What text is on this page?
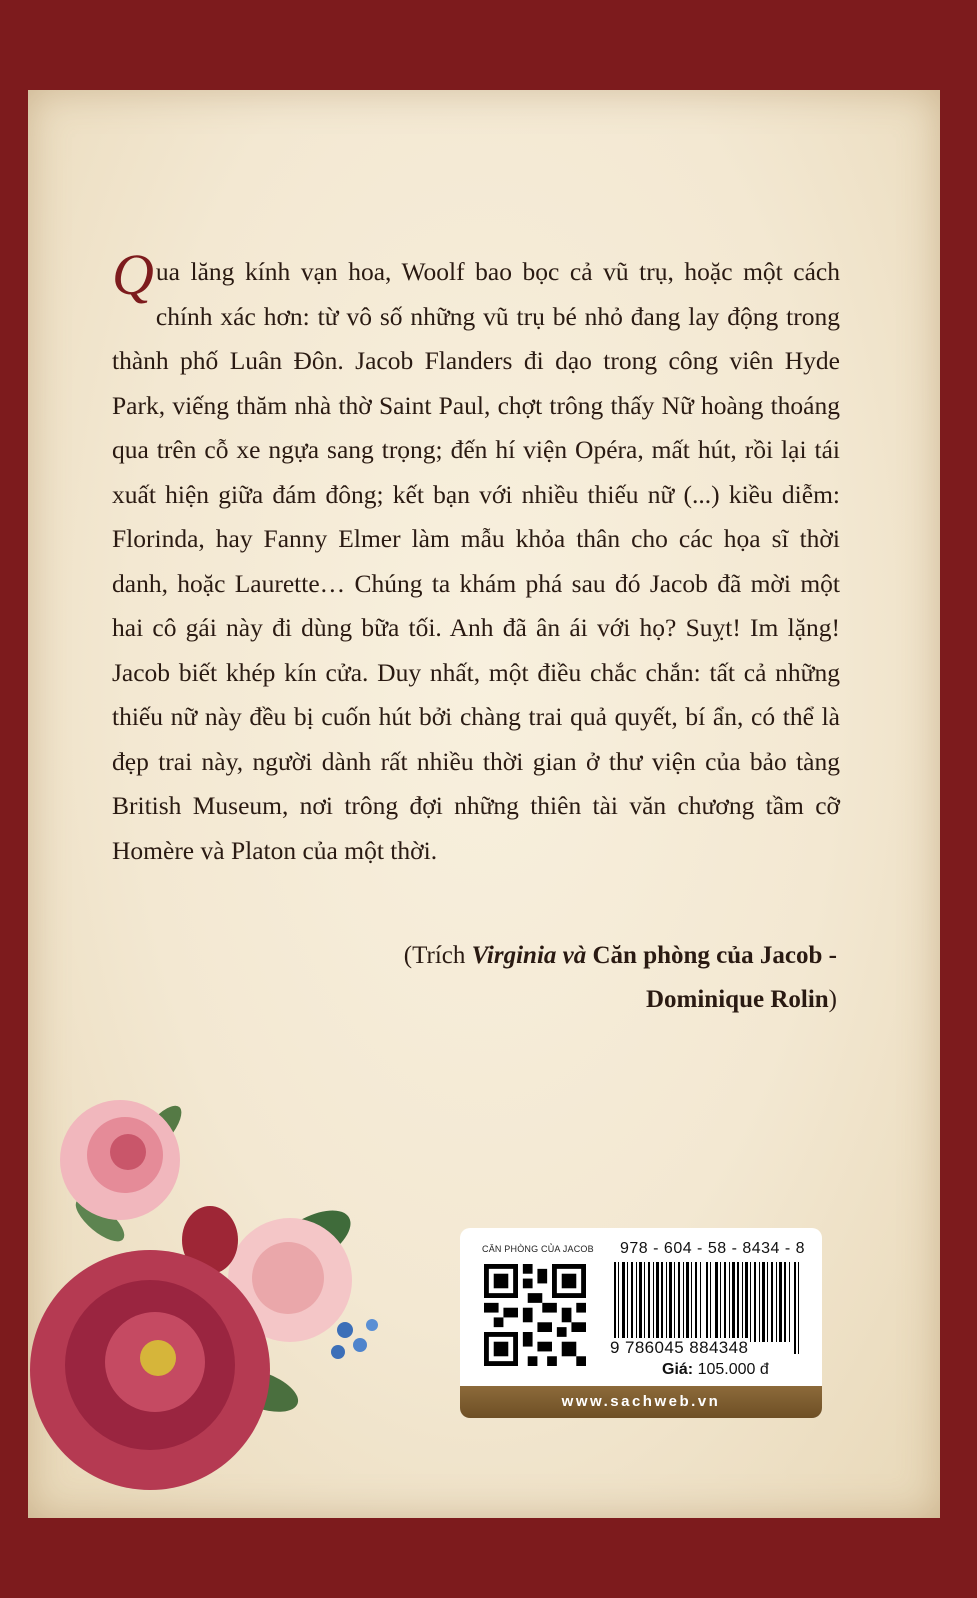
Qua lăng kính vạn hoa, Woolf bao bọc cả vũ trụ, hoặc một cách chính xác hơn: từ vô số những vũ trụ bé nhỏ đang lay động trong thành phố Luân Đôn. Jacob Flanders đi dạo trong công viên Hyde Park, viếng thăm nhà thờ Saint Paul, chợt trông thấy Nữ hoàng thoáng qua trên cỗ xe ngựa sang trọng; đến hí viện Opéra, mất hút, rồi lại tái xuất hiện giữa đám đông; kết bạn với nhiều thiếu nữ (...) kiều diễm: Florinda, hay Fanny Elmer làm mẫu khỏa thân cho các họa sĩ thời danh, hoặc Laurette… Chúng ta khám phá sau đó Jacob đã mời một hai cô gái này đi dùng bữa tối. Anh đã ân ái với họ? Suỵt! Im lặng! Jacob biết khép kín cửa. Duy nhất, một điều chắc chắn: tất cả những thiếu nữ này đều bị cuốn hút bởi chàng trai quả quyết, bí ẩn, có thể là đẹp trai này, người dành rất nhiều thời gian ở thư viện của bảo tàng British Museum, nơi trông đợi những thiên tài văn chương tầm cỡ Homère và Platon của một thời.

(Trích Virginia và Căn phòng của Jacob -
Dominique Rolin)

CĂN PHÒNG CỦA JACOB 978 - 604 - 58 - 8434 - 8
9 786045 884348
Giá: 105.000 đ
www.sachweb.vn
